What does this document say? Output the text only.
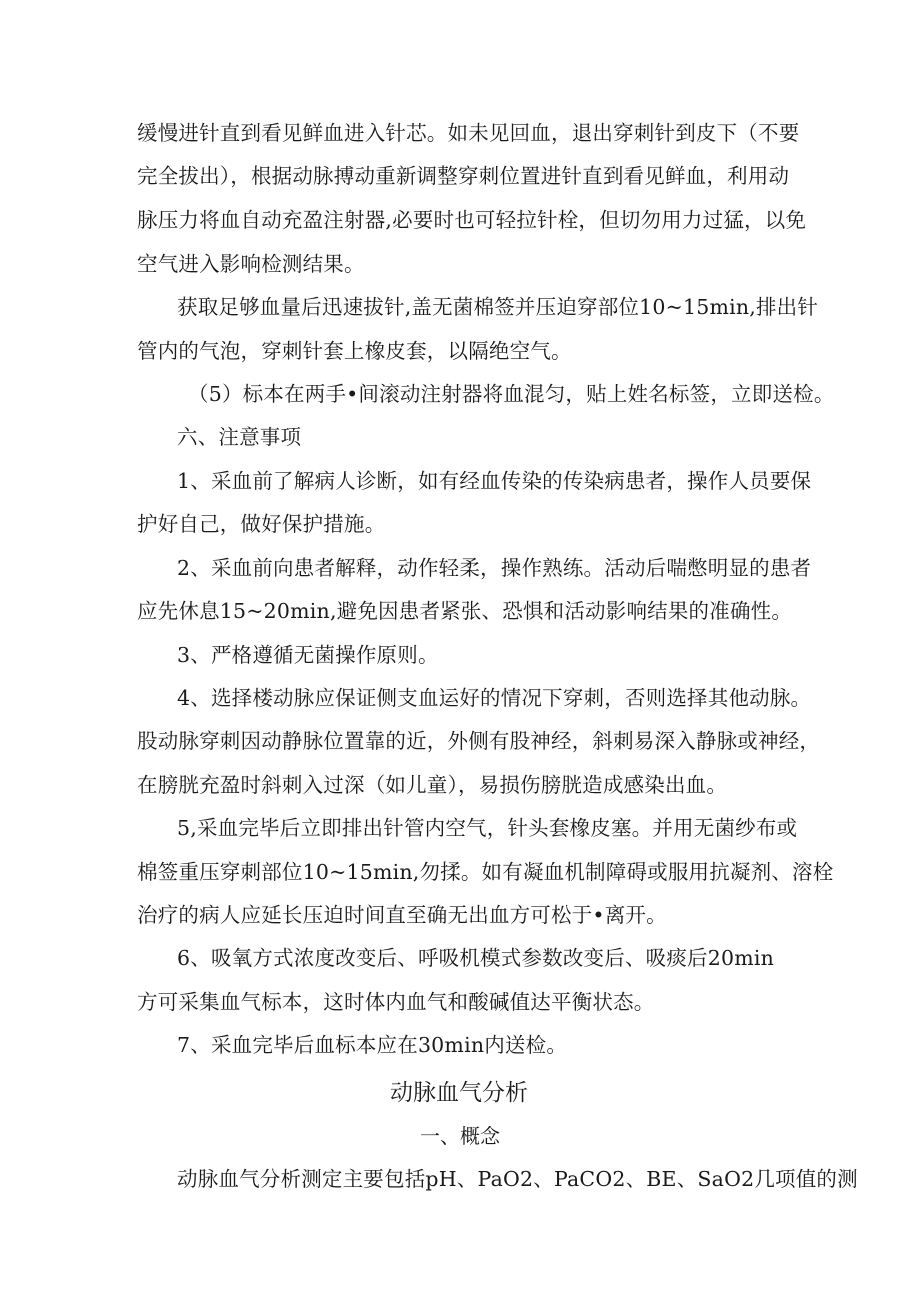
缓慢进针直到看见鲜血进入针芯。如未见回血，退出穿刺针到皮下（不要
完全拔出），根据动脉搏动重新调整穿刺位置进针直到看见鲜血，利用动
脉压力将血自动充盈注射器,必要时也可轻拉针栓，但切勿用力过猛，以免
空气进入影响检测结果。
获取足够血量后迅速拔针,盖无菌棉签并压迫穿部位10~15min,排出针
管内的气泡，穿刺针套上橡皮套，以隔绝空气。
（5）标本在两手•间滚动注射器将血混匀，贴上姓名标签，立即送检。
六、注意事项
1、采血前了解病人诊断，如有经血传染的传染病患者，操作人员要保
护好自己，做好保护措施。
2、采血前向患者解释，动作轻柔，操作熟练。活动后喘憋明显的患者
应先休息15~20min,避免因患者紧张、恐惧和活动影响结果的准确性。
3、严格遵循无菌操作原则。
4、选择楼动脉应保证侧支血运好的情况下穿刺，否则选择其他动脉。
股动脉穿刺因动静脉位置靠的近，外侧有股神经，斜刺易深入静脉或神经，
在膀胱充盈时斜刺入过深（如儿童），易损伤膀胱造成感染出血。
5,采血完毕后立即排出针管内空气，针头套橡皮塞。并用无菌纱布或
棉签重压穿刺部位10~15min,勿揉。如有凝血机制障碍或服用抗凝剂、溶栓
治疗的病人应延长压迫时间直至确无出血方可松于•离开。
6、吸氧方式浓度改变后、呼吸机模式参数改变后、吸痰后20min
方可采集血气标本，这时体内血气和酸碱值达平衡状态。
7、采血完毕后血标本应在30min内送检。
动脉血气分析
一、概念
动脉血气分析测定主要包括pH、PaO2、PaCO2、BE、SaO2几项值的测
